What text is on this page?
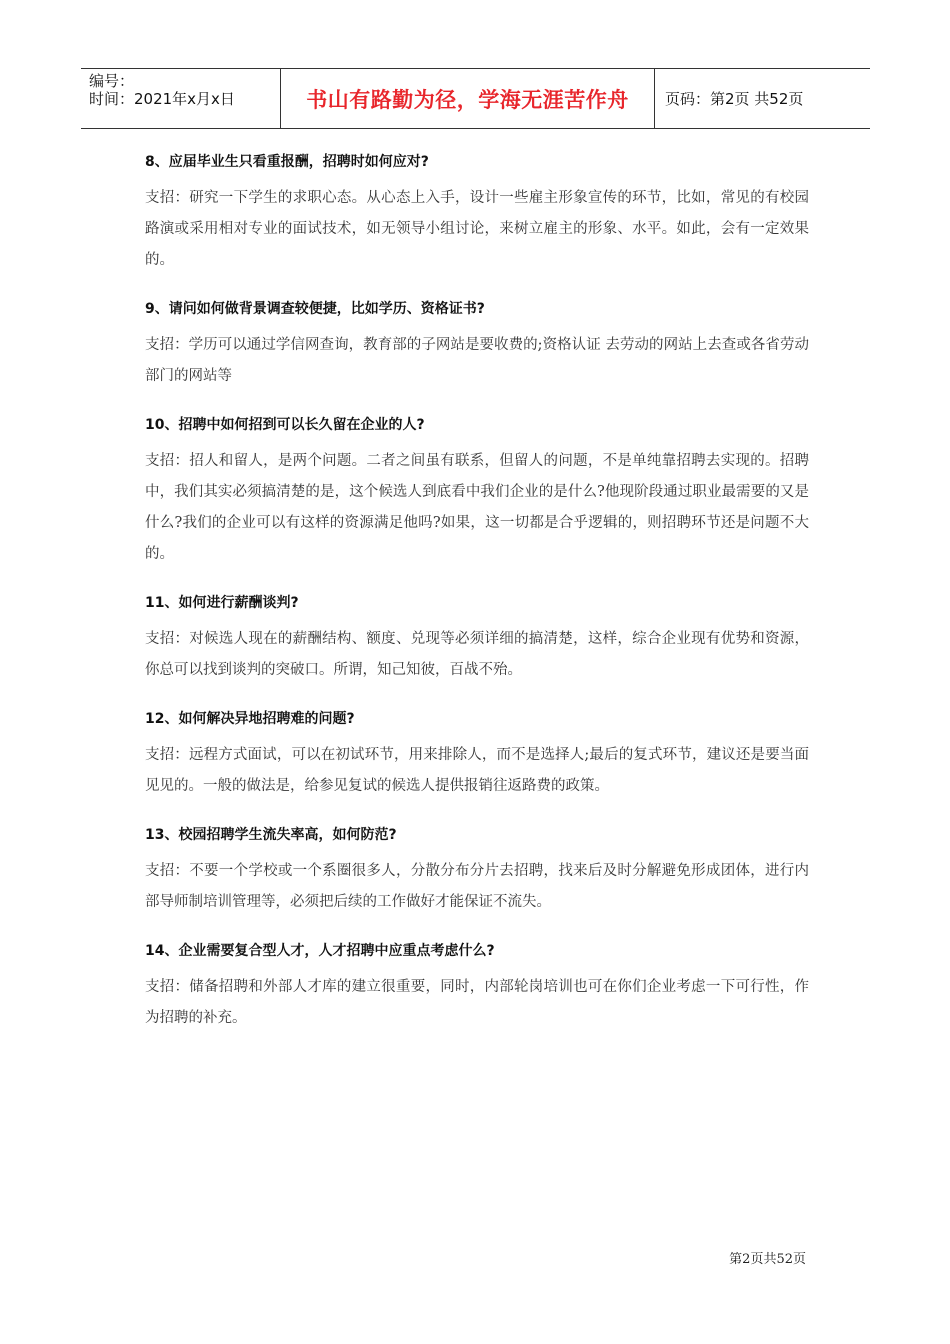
编号：
时间：2021年x月x日	书山有路勤为径，学海无涯苦作舟	页码：第2页 共52页
8、应届毕业生只看重报酬，招聘时如何应对?
支招：研究一下学生的求职心态。从心态上入手，设计一些雇主形象宣传的环节，比如，常见的有校园路演或采用相对专业的面试技术，如无领导小组讨论，来树立雇主的形象、水平。如此，会有一定效果的。
9、请问如何做背景调查较便捷，比如学历、资格证书?
支招：学历可以通过学信网查询，教育部的子网站是要收费的;资格认证 去劳动的网站上去查或各省劳动部门的网站等
10、招聘中如何招到可以长久留在企业的人?
支招：招人和留人，是两个问题。二者之间虽有联系，但留人的问题，不是单纯靠招聘去实现的。招聘中，我们其实必须搞清楚的是，这个候选人到底看中我们企业的是什么?他现阶段通过职业最需要的又是什么?我们的企业可以有这样的资源满足他吗?如果，这一切都是合乎逻辑的，则招聘环节还是问题不大的。
11、如何进行薪酬谈判?
支招：对候选人现在的薪酬结构、额度、兑现等必须详细的搞清楚，这样，综合企业现有优势和资源，你总可以找到谈判的突破口。所谓，知己知彼，百战不殆。
12、如何解决异地招聘难的问题?
支招：远程方式面试，可以在初试环节，用来排除人，而不是选择人;最后的复式环节，建议还是要当面见见的。一般的做法是，给参见复试的候选人提供报销往返路费的政策。
13、校园招聘学生流失率高，如何防范?
支招：不要一个学校或一个系圈很多人，分散分布分片去招聘，找来后及时分解避免形成团体，进行内部导师制培训管理等，必须把后续的工作做好才能保证不流失。
14、企业需要复合型人才，人才招聘中应重点考虑什么?
支招：储备招聘和外部人才库的建立很重要，同时，内部轮岗培训也可在你们企业考虑一下可行性，作为招聘的补充。
第2页共52页
